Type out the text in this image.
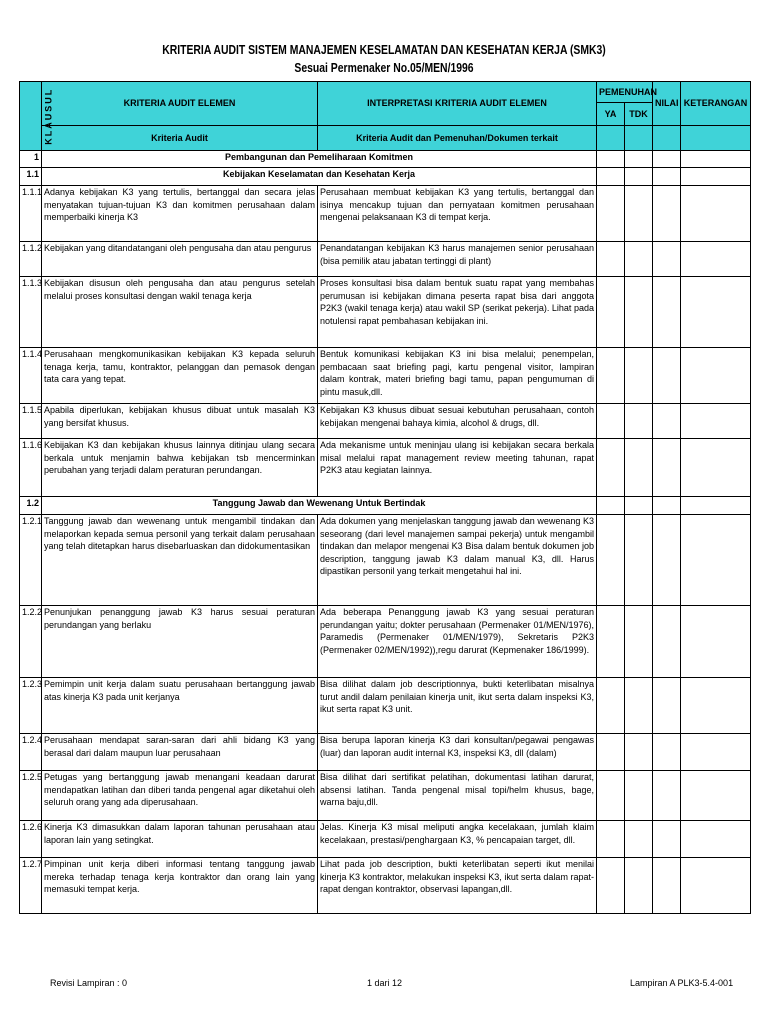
KRITERIA AUDIT SISTEM MANAJEMEN KESELAMATAN DAN KESEHATAN KERJA (SMK3)
Sesuai Permenaker No.05/MEN/1996
KLAUSUL	KRITERIA AUDIT ELEMEN	INTERPRETASI KRITERIA AUDIT ELEMEN	PEMENUHAN		NILAI	KETERANGAN
			YA	TDK		
	Kriteria Audit	Kriteria Audit dan Pemenuhan/Dokumen terkait				
1	Pembangunan dan Pemeliharaan Komitmen					
1.1	Kebijakan Keselamatan dan Kesehatan Kerja					
1.1.1	Adanya kebijakan K3 yang tertulis, bertanggal dan secara jelas menyatakan tujuan-tujuan K3 dan komitmen perusahaan dalam memperbaiki kinerja K3	Perusahaan membuat kebijakan K3 yang tertulis, bertanggal dan isinya mencakup tujuan dan pernyataan komitmen perusahaan mengenai pelaksanaan K3 di tempat kerja.				
1.1.2	Kebijakan yang ditandatangani oleh pengusaha dan atau pengurus	Penandatangan kebijakan K3 harus manajemen senior perusahaan (bisa pemilik atau jabatan tertinggi di plant)				
1.1.3	Kebijakan disusun oleh pengusaha dan atau pengurus setelah melalui proses konsultasi dengan wakil tenaga kerja	Proses konsultasi bisa dalam bentuk suatu rapat yang membahas perumusan isi kebijakan dimana peserta rapat bisa dari anggota P2K3 (wakil tenaga kerja) atau wakil SP (serikat pekerja). Lihat pada notulensi rapat pembahasan kebijakan ini.				
1.1.4	Perusahaan mengkomunikasikan kebijakan K3 kepada seluruh tenaga kerja, tamu, kontraktor, pelanggan dan pemasok dengan tata cara yang tepat.	Bentuk komunikasi kebijakan K3 ini bisa melalui; penempelan, pembacaan saat briefing pagi, kartu pengenal visitor, lampiran dalam kontrak, materi briefing bagi tamu, papan pengumuman di pintu masuk,dll.				
1.1.5	Apabila diperlukan, kebijakan khusus dibuat untuk masalah K3 yang bersifat khusus.	Kebijakan K3 khusus dibuat sesuai kebutuhan perusahaan, contoh kebijakan mengenai bahaya kimia, alcohol & drugs, dll.				
1.1.6	Kebijakan K3 dan kebijakan khusus lainnya ditinjau ulang secara berkala untuk menjamin bahwa kebijakan tsb mencerminkan perubahan yang terjadi dalam peraturan perundangan.	Ada mekanisme untuk meninjau ulang isi kebijakan secara berkala misal melalui rapat management review meeting tahunan, rapat P2K3 atau kegiatan lainnya.				
1.2	Tanggung Jawab dan Wewenang Untuk Bertindak					
1.2.1	Tanggung jawab dan wewenang untuk mengambil tindakan dan melaporkan kepada semua personil yang terkait dalam perusahaan yang telah ditetapkan harus disebarluaskan dan didokumentasikan	Ada dokumen yang menjelaskan tanggung jawab dan wewenang K3 seseorang (dari level manajemen sampai pekerja) untuk mengambil tindakan dan melapor mengenai K3 Bisa dalam bentuk dokumen job description, tanggung jawab K3 dalam manual K3, dll. Harus dipastikan personil yang terkait mengetahui hal ini.				
1.2.2	Penunjukan penanggung jawab K3 harus sesuai peraturan perundangan yang berlaku	Ada beberapa Penanggung jawab K3 yang sesuai peraturan perundangan yaitu; dokter perusahaan (Permenaker 01/MEN/1976), Paramedis (Permenaker 01/MEN/1979), Sekretaris P2K3 (Permenaker 02/MEN/1992)),regu darurat (Kepmenaker 186/1999).				
1.2.3	Pemimpin unit kerja dalam suatu perusahaan bertanggung jawab atas kinerja K3 pada unit kerjanya	Bisa dilihat dalam job descriptionnya, bukti keterlibatan misalnya turut andil dalam penilaian kinerja unit, ikut serta dalam inspeksi K3, ikut serta rapat K3 unit.				
1.2.4	Perusahaan mendapat saran-saran dari ahli bidang K3 yang berasal dari dalam maupun luar perusahaan	Bisa berupa laporan kinerja K3 dari konsultan/pegawai pengawas (luar) dan laporan audit internal K3, inspeksi K3, dll (dalam)				
1.2.5	Petugas yang bertanggung jawab menangani keadaan darurat mendapatkan latihan dan diberi tanda pengenal agar diketahui oleh seluruh orang yang ada diperusahaan.	Bisa dilihat dari sertifikat pelatihan, dokumentasi latihan darurat, absensi latihan. Tanda pengenal misal topi/helm khusus, bage, warna baju,dll.				
1.2.6	Kinerja K3 dimasukkan dalam laporan tahunan perusahaan atau laporan lain yang setingkat.	Jelas. Kinerja K3 misal meliputi angka kecelakaan, jumlah klaim kecelakaan, prestasi/penghargaan K3, % pencapaian target, dll.				
1.2.7	Pimpinan unit kerja diberi informasi tentang tanggung jawab mereka terhadap tenaga kerja kontraktor dan orang lain yang memasuki tempat kerja.	Lihat pada job description, bukti keterlibatan seperti ikut menilai kinerja K3 kontraktor, melakukan inspeksi K3, ikut serta dalam rapat-rapat dengan kontraktor, observasi lapangan,dll.				
Revisi Lampiran : 0	1 dari 12	Lampiran A PLK3-5.4-001
